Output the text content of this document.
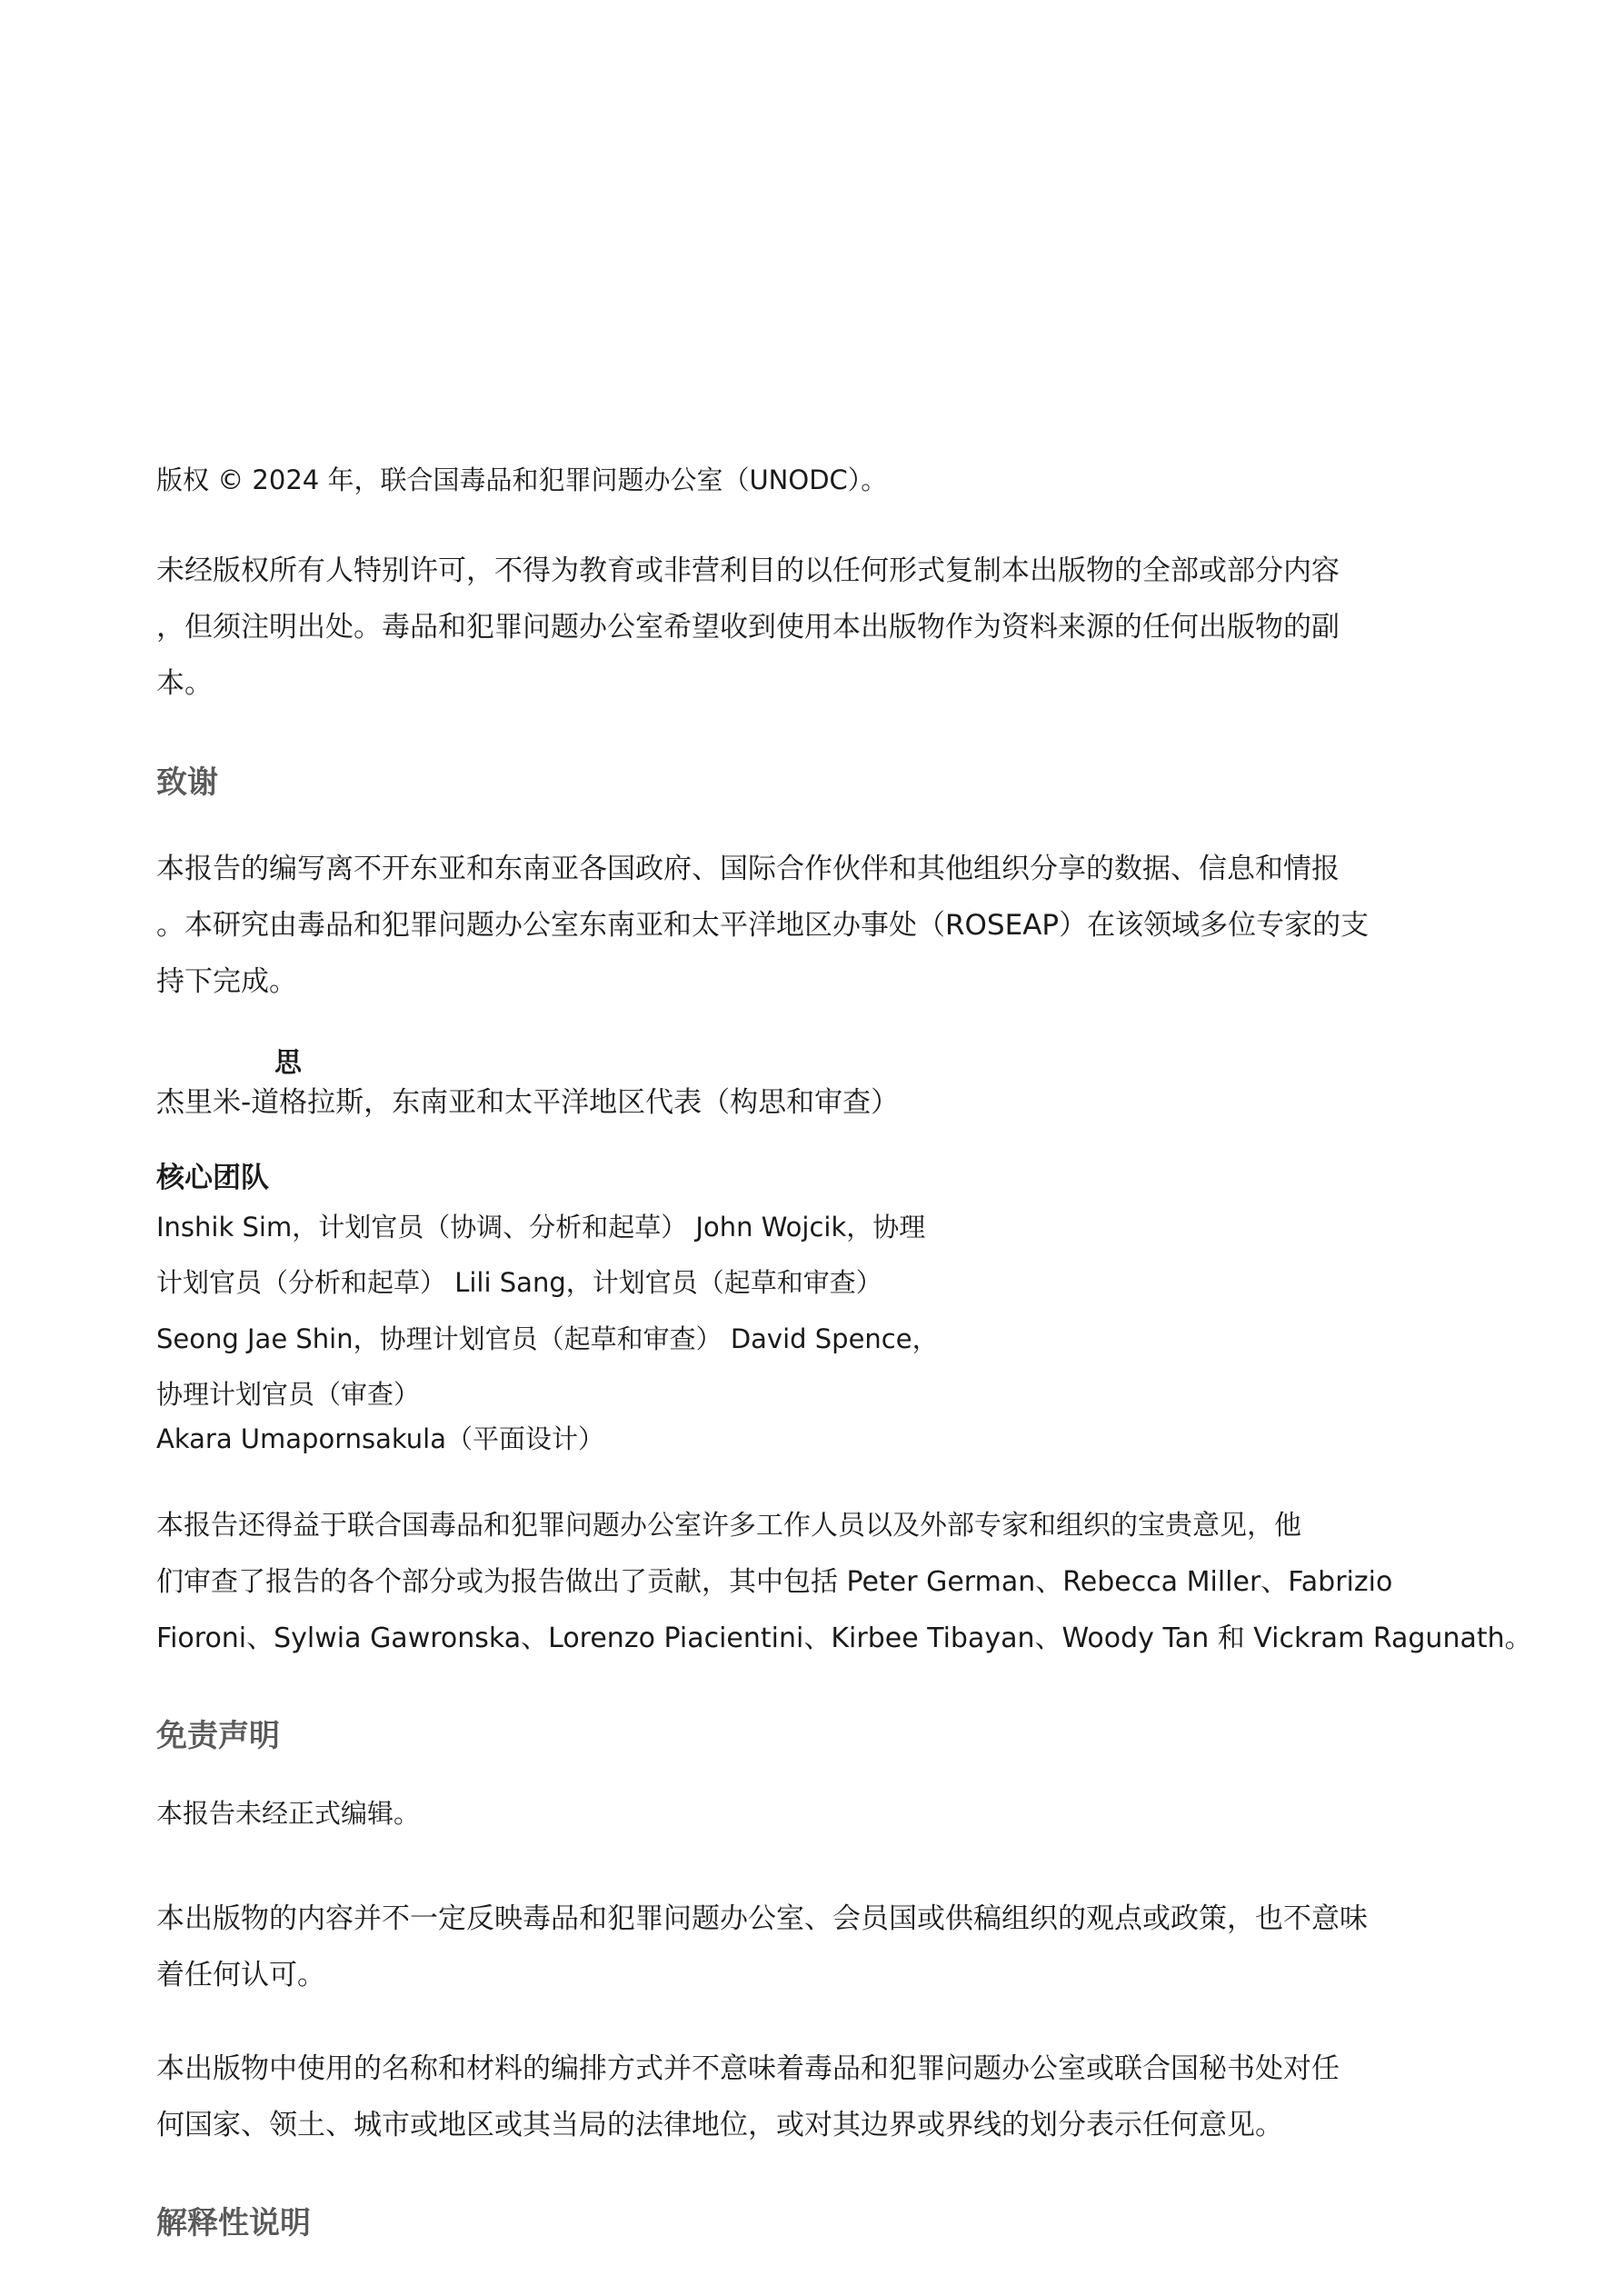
版权 © 2024 年，联合国毒品和犯罪问题办公室（UNODC）。
未经版权所有人特别许可，不得为教育或非营利目的以任何形式复制本出版物的全部或部分内容
，但须注明出处。毒品和犯罪问题办公室希望收到使用本出版物作为资料来源的任何出版物的副
本。
致谢
本报告的编写离不开东亚和东南亚各国政府、国际合作伙伴和其他组织分享的数据、信息和情报
。本研究由毒品和犯罪问题办公室东南亚和太平洋地区办事处（ROSEAP）在该领域多位专家的支
持下完成。
思
杰里米-道格拉斯，东南亚和太平洋地区代表（构思和审查）
核心团队
Inshik Sim，计划官员（协调、分析和起草） John Wojcik，协理
计划官员（分析和起草） Lili Sang，计划官员（起草和审查）
Seong Jae Shin，协理计划官员（起草和审查） David Spence，
协理计划官员（审查）
Akara Umapornsakula（平面设计）
本报告还得益于联合国毒品和犯罪问题办公室许多工作人员以及外部专家和组织的宝贵意见，他
们审查了报告的各个部分或为报告做出了贡献，其中包括 Peter German、Rebecca Miller、Fabrizio
Fioroni、Sylwia Gawronska、Lorenzo Piacientini、Kirbee Tibayan、Woody Tan 和 Vickram Ragunath。
免责声明
本报告未经正式编辑。
本出版物的内容并不一定反映毒品和犯罪问题办公室、会员国或供稿组织的观点或政策，也不意味
着任何认可。
本出版物中使用的名称和材料的编排方式并不意味着毒品和犯罪问题办公室或联合国秘书处对任
何国家、领土、城市或地区或其当局的法律地位，或对其边界或界线的划分表示任何意见。
解释性说明
